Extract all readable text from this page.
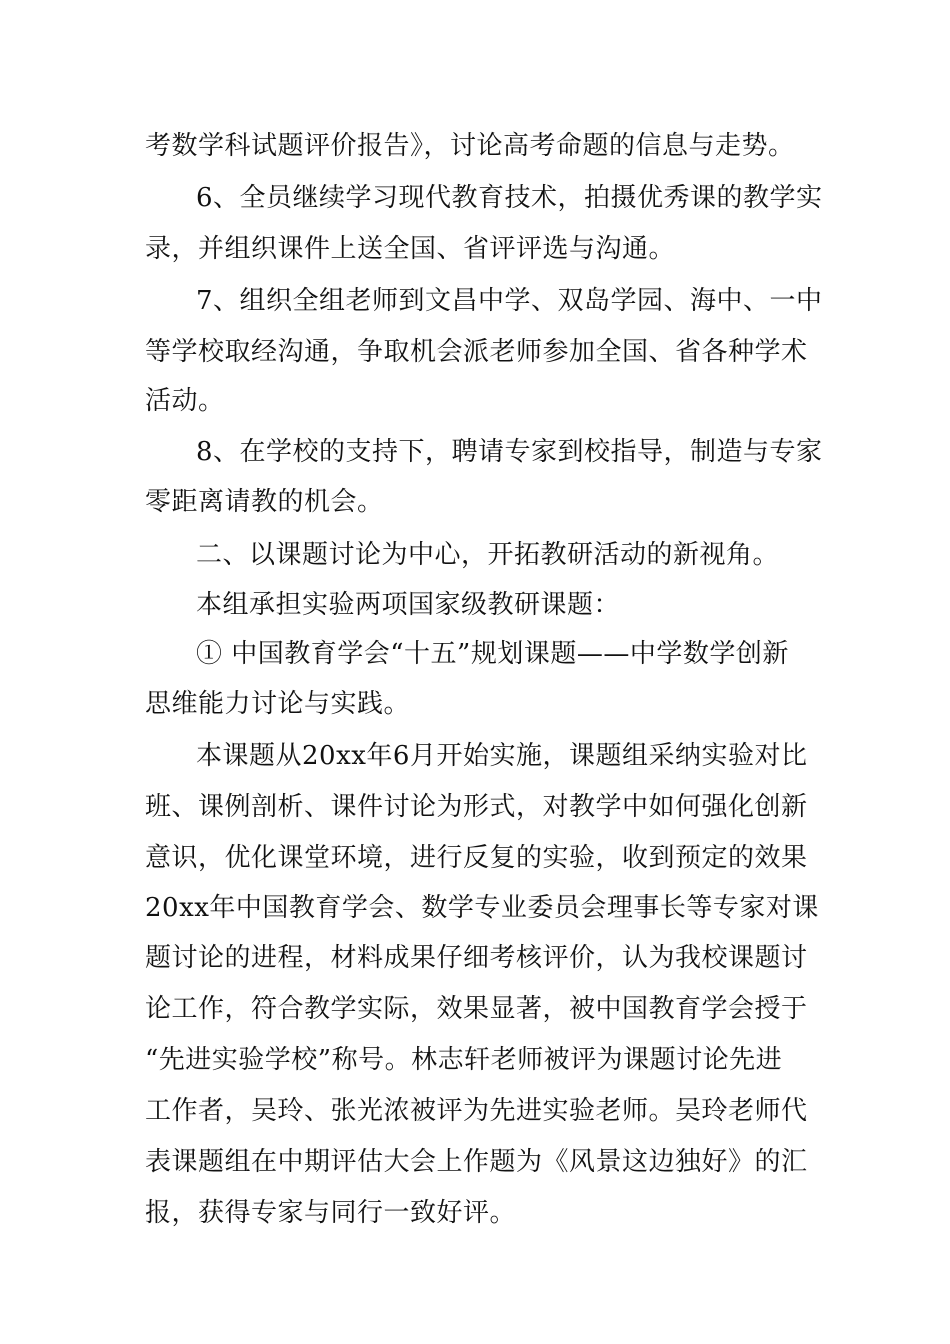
考数学科试题评价报告》，讨论高考命题的信息与走势。
6、全员继续学习现代教育技术，拍摄优秀课的教学实
录，并组织课件上送全国、省评评选与沟通。
7、组织全组老师到文昌中学、双岛学园、海中、一中
等学校取经沟通，争取机会派老师参加全国、省各种学术
活动。
8、在学校的支持下，聘请专家到校指导，制造与专家
零距离请教的机会。
二、以课题讨论为中心，开拓教研活动的新视角。
本组承担实验两项国家级教研课题：
① 中国教育学会“十五”规划课题——中学数学创新
思维能力讨论与实践。
本课题从20xx年6月开始实施，课题组采纳实验对比
班、课例剖析、课件讨论为形式，对教学中如何强化创新
意识，优化课堂环境，进行反复的实验，收到预定的效果
20xx年中国教育学会、数学专业委员会理事长等专家对课
题讨论的进程，材料成果仔细考核评价，认为我校课题讨
论工作，符合教学实际，效果显著，被中国教育学会授于
“先进实验学校”称号。林志轩老师被评为课题讨论先进
工作者，吴玲、张光浓被评为先进实验老师。吴玲老师代
表课题组在中期评估大会上作题为《风景这边独好》的汇
报，获得专家与同行一致好评。
